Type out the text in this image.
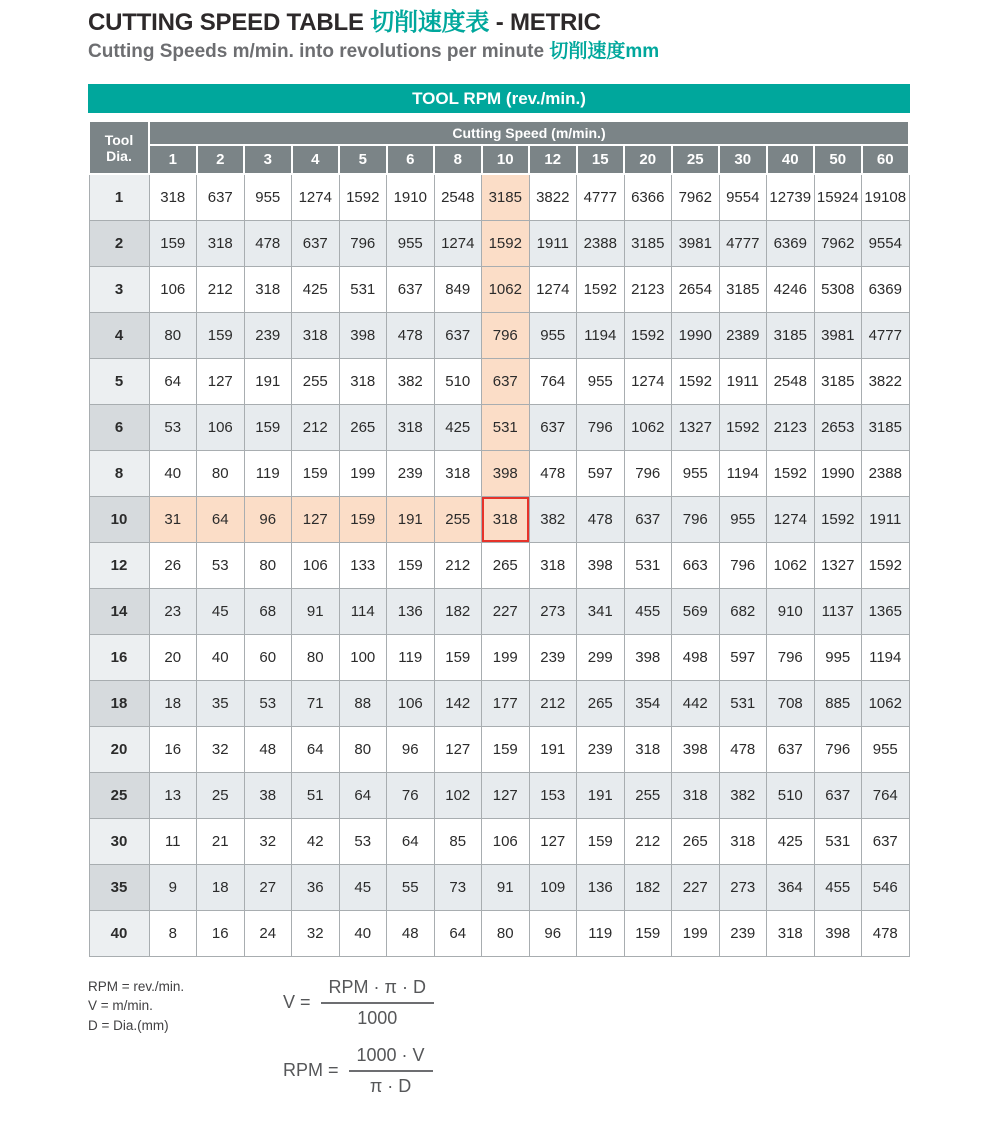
CUTTING SPEED TABLE 切削速度表 - METRIC
Cutting Speeds m/min. into revolutions per minute 切削速度mm
TOOL RPM (rev./min.)
Tool Dia.	Cutting Speed (m/min.)															
	1	2	3	4	5	6	8	10	12	15	20	25	30	40	50	60
1	318	637	955	1274	1592	1910	2548	3185	3822	4777	6366	7962	9554	12739	15924	19108
2	159	318	478	637	796	955	1274	1592	1911	2388	3185	3981	4777	6369	7962	9554
3	106	212	318	425	531	637	849	1062	1274	1592	2123	2654	3185	4246	5308	6369
4	80	159	239	318	398	478	637	796	955	1194	1592	1990	2389	3185	3981	4777
5	64	127	191	255	318	382	510	637	764	955	1274	1592	1911	2548	3185	3822
6	53	106	159	212	265	318	425	531	637	796	1062	1327	1592	2123	2653	3185
8	40	80	119	159	199	239	318	398	478	597	796	955	1194	1592	1990	2388
10	31	64	96	127	159	191	255	318	382	478	637	796	955	1274	1592	1911
12	26	53	80	106	133	159	212	265	318	398	531	663	796	1062	1327	1592
14	23	45	68	91	114	136	182	227	273	341	455	569	682	910	1137	1365
16	20	40	60	80	100	119	159	199	239	299	398	498	597	796	995	1194
18	18	35	53	71	88	106	142	177	212	265	354	442	531	708	885	1062
20	16	32	48	64	80	96	127	159	191	239	318	398	478	637	796	955
25	13	25	38	51	64	76	102	127	153	191	255	318	382	510	637	764
30	11	21	32	42	53	64	85	106	127	159	212	265	318	425	531	637
35	9	18	27	36	45	55	73	91	109	136	182	227	273	364	455	546
40	8	16	24	32	40	48	64	80	96	119	159	199	239	318	398	478
RPM = rev./min.
V = m/min.
D = Dia.(mm)
$V = \frac{\text{RPM · π · D}}{1000}$
RPM = $\frac{1000 \cdot V}{\pi \cdot D}$
